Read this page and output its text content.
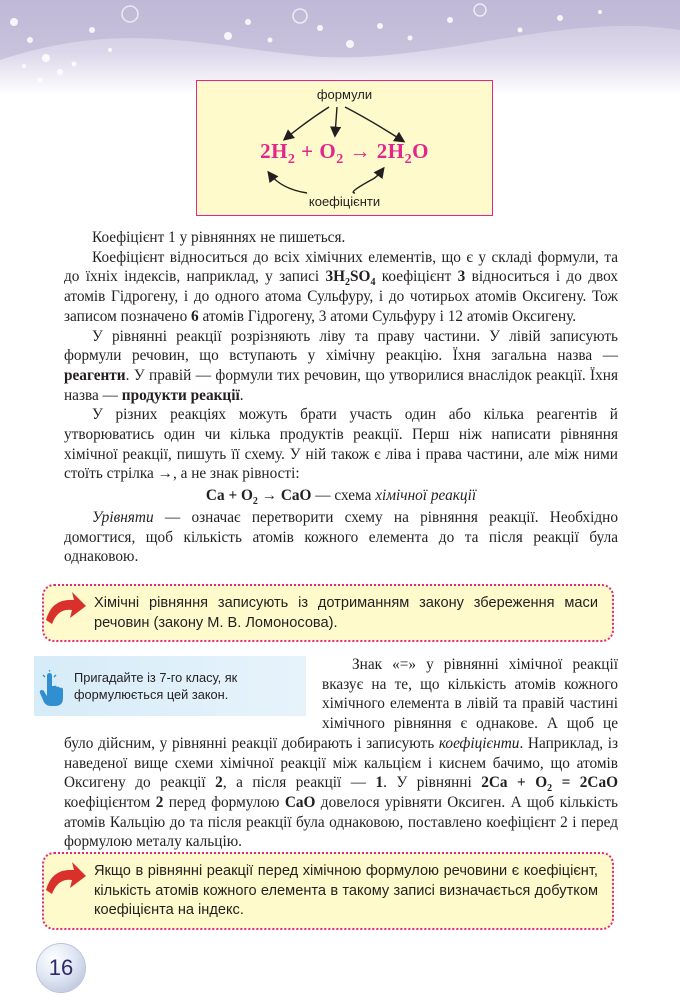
формули
$2H_2 + O_2 \to 2H_2O$
коефіцієнти

Коефіцієнт 1 у рівняннях не пишеться.

Коефіцієнт відноситься до всіх хімічних елементів, що є у складі формули, та до їхніх індексів, наприклад, у записі $3H_2SO_4$ коефіцієнт 3 відноситься і до двох атомів Гідрогену, і до одного атома Сульфуру, і до чотирьох атомів Оксигену. Тож записом позначено 6 атомів Гідрогену, 3 атоми Сульфуру і 12 атомів Оксигену.

У рівнянні реакції розрізняють ліву та праву частини. У лівій записують формули речовин, що вступають у хімічну реакцію. Їхня загальна назва — реагенти. У правій — формули тих речовин, що утворилися внаслідок реакції. Їхня назва — продукти реакції.

У різних реакціях можуть брати участь один або кілька реагентів й утворюватись один чи кілька продуктів реакції. Перш ніж написати рівняння хімічної реакції, пишуть її схему. У ній також є ліва і права частини, але між ними стоїть стрілка →, а не знак рівності:

$Ca + O_2$ → CaO — схема хімічної реакції

Урівняти — означає перетворити схему на рівняння реакції. Необхідно домогтися, щоб кількість атомів кожного елемента до та після реакції була однаковою.

Хімічні рівняння записують із дотриманням закону збереження маси речовин (закону М. В. Ломоносова).
Пригадайте із 7-го класу, як формулюється цей закон.

Знак «=» у рівнянні хімічної реакції вказує на те, що кількість атомів кожного хімічного елемента в лівій та правій частині хімічного рівняння є однакове. А щоб це було дійсним, у рівнянні реакції добирають і записують коефіцієнти. Наприклад, із наведеної вище схеми хімічної реакції між кальцієм і киснем бачимо, що атомів Оксигену до реакції 2, а після реакції — 1. У рівнянні $2Ca + O_2 = 2CaO$ коефіцієнтом 2 перед формулою CaO довелося урівняти Оксиген. А щоб кількість атомів Кальцію до та після реакції була однаковою, поставлено коефіцієнт 2 і перед формулою металу кальцію.

Якщо в рівнянні реакції перед хімічною формулою речовини є коефіцієнт, кількість атомів кожного елемента в такому записі визначається добутком коефіцієнта на індекс.
16
